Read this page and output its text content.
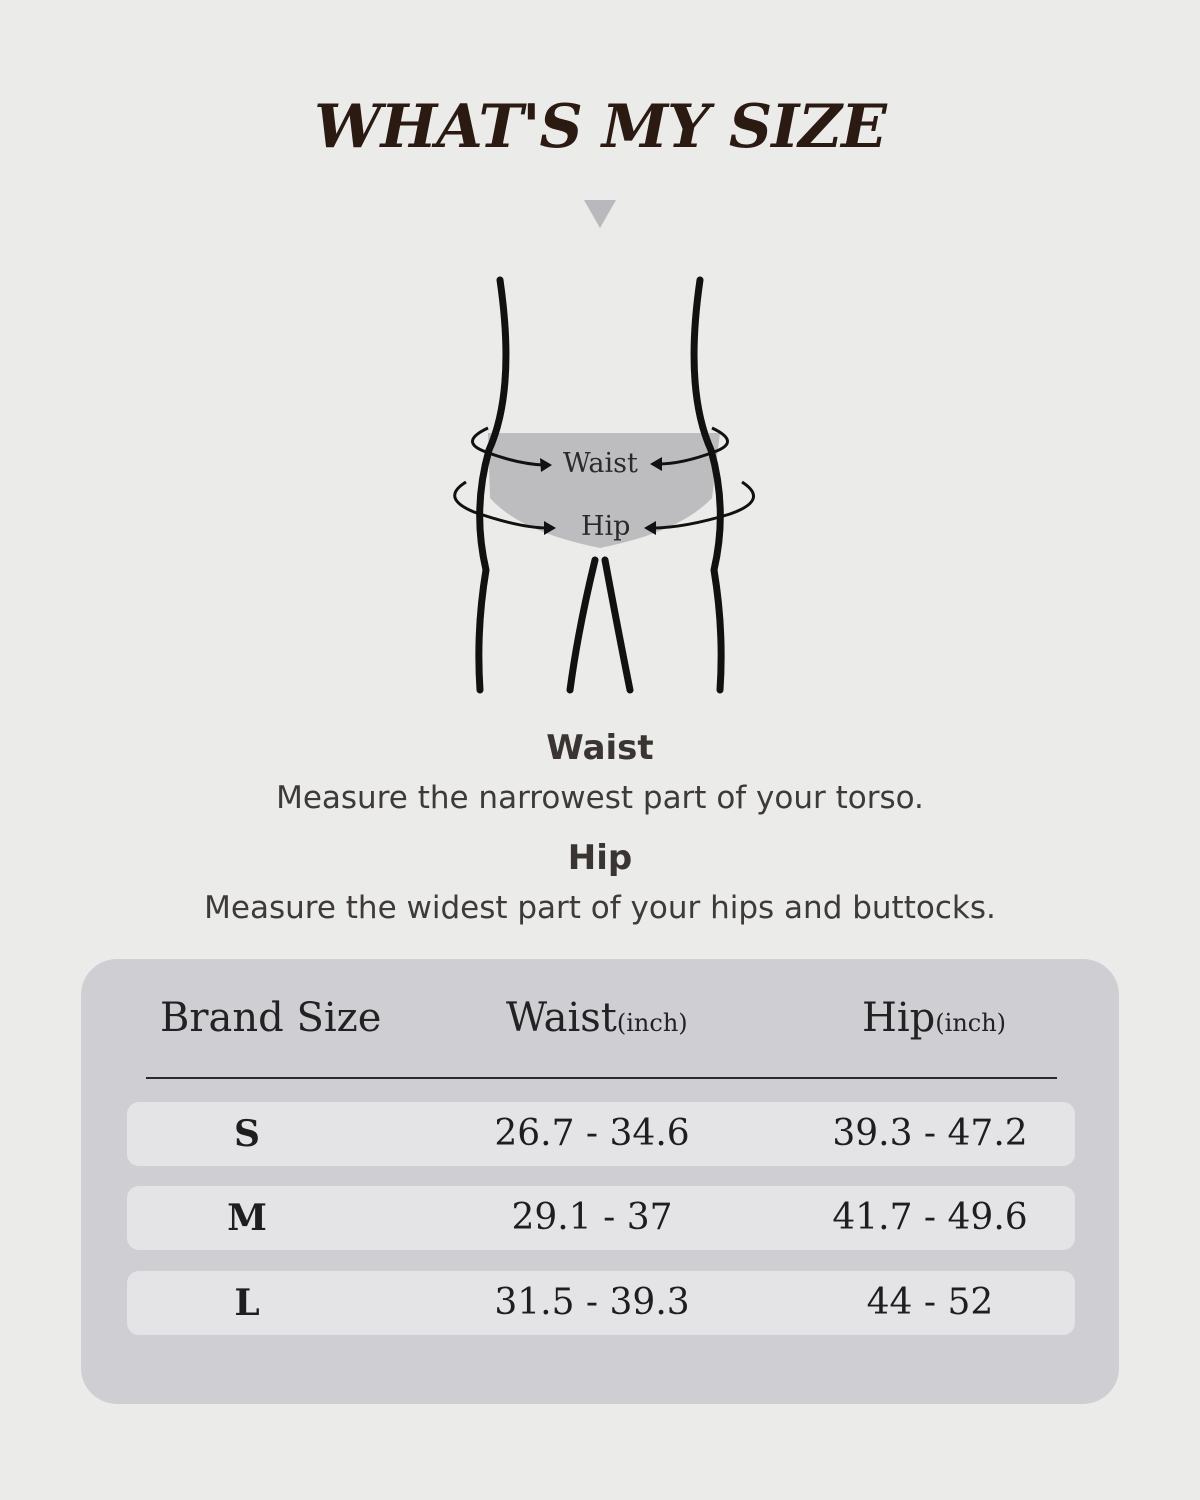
WHAT'S MY SIZE
Waist
Hip
Waist
Measure the narrowest part of your torso.
Hip
Measure the widest part of your hips and buttocks.
Brand Size	Waist(inch)	Hip(inch)
S	26.7 - 34.6	39.3 - 47.2
M	29.1 - 37	41.7 - 49.6
L	31.5 - 39.3	44 - 52
